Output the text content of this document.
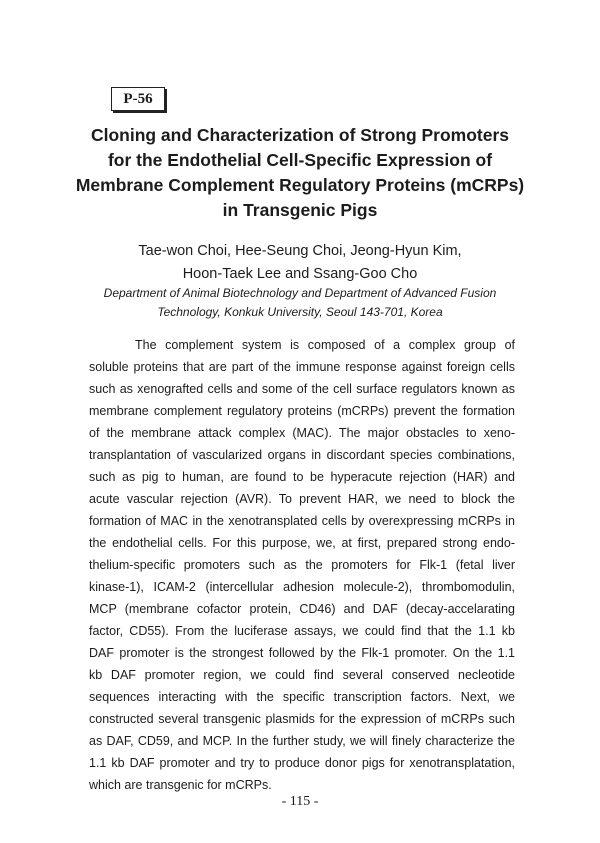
P-56
Cloning and Characterization of Strong Promoters
for the Endothelial Cell-Specific Expression of
Membrane Complement Regulatory Proteins (mCRPs)
in Transgenic Pigs

Tae-won Choi, Hee-Seung Choi, Jeong-Hyun Kim,
Hoon-Taek Lee and Ssang-Goo Cho

Department of Animal Biotechnology and Department of Advanced Fusion
Technology, Konkuk University, Seoul 143-701, Korea

The complement system is composed of a complex group of
soluble proteins that are part of the immune response against foreign cells
such as xenografted cells and some of the cell surface regulators known as
membrane complement regulatory proteins (mCRPs) prevent the formation
of the membrane attack complex (MAC). The major obstacles to xeno-
transplantation of vascularized organs in discordant species combinations,
such as pig to human, are found to be hyperacute rejection (HAR) and
acute vascular rejection (AVR). To prevent HAR, we need to block the
formation of MAC in the xenotransplated cells by overexpressing mCRPs in
the endothelial cells. For this purpose, we, at first, prepared strong endo-
thelium-specific promoters such as the promoters for Flk-1 (fetal liver
kinase-1), ICAM-2 (intercellular adhesion molecule-2), thrombomodulin,
MCP (membrane cofactor protein, CD46) and DAF (decay-accelarating
factor, CD55). From the luciferase assays, we could find that the 1.1 kb
DAF promoter is the strongest followed by the Flk-1 promoter. On the 1.1
kb DAF promoter region, we could find several conserved necleotide
sequences interacting with the specific transcription factors. Next, we
constructed several transgenic plasmids for the expression of mCRPs such
as DAF, CD59, and MCP. In the further study, we will finely characterize the
1.1 kb DAF promoter and try to produce donor pigs for xenotransplatation,
which are transgenic for mCRPs.
- 115 -
